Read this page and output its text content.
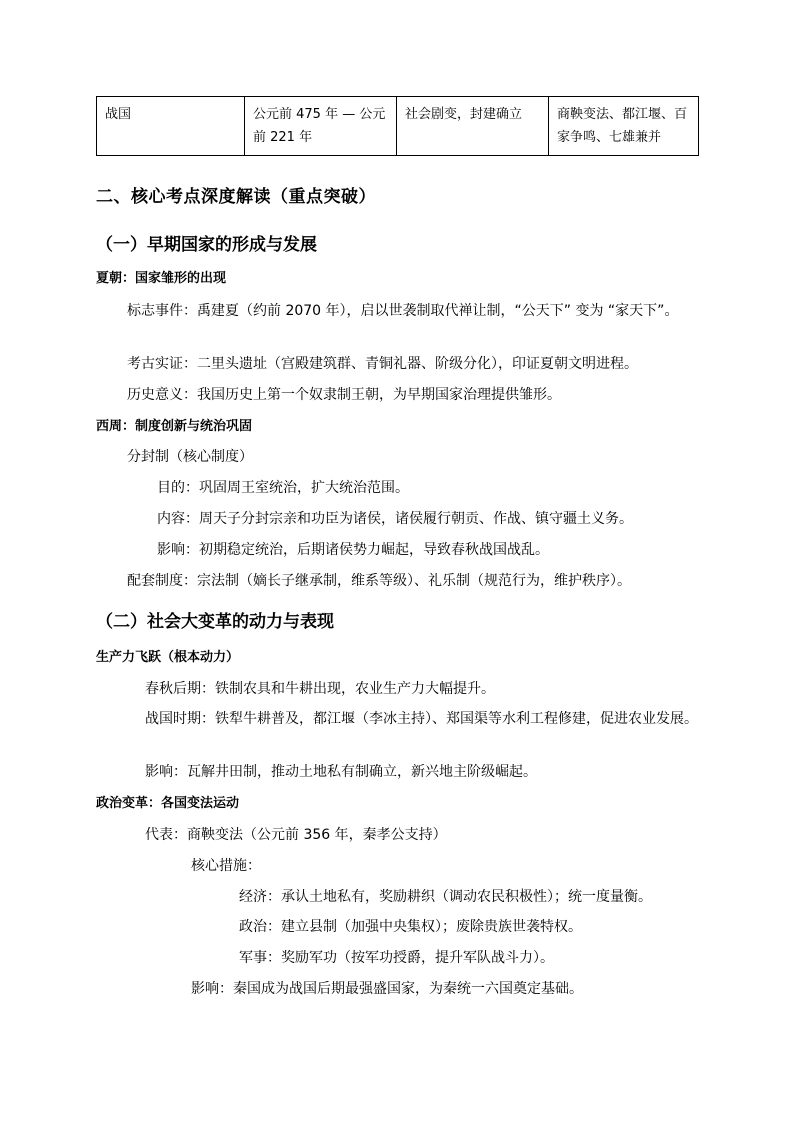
战国	公元前 475 年 — 公元前 221 年	社会剧变，封建确立	商鞅变法、都江堰、百家争鸣、七雄兼并
二、核心考点深度解读（重点突破）
（一）早期国家的形成与发展
夏朝：国家雏形的出现
标志事件：禹建夏（约前 2070 年），启以世袭制取代禅让制，“公天下” 变为 “家天下”。
考古实证：二里头遗址（宫殿建筑群、青铜礼器、阶级分化），印证夏朝文明进程。
历史意义：我国历史上第一个奴隶制王朝，为早期国家治理提供雏形。
西周：制度创新与统治巩固
分封制（核心制度）
目的：巩固周王室统治，扩大统治范围。
内容：周天子分封宗亲和功臣为诸侯，诸侯履行朝贡、作战、镇守疆土义务。
影响：初期稳定统治，后期诸侯势力崛起，导致春秋战国战乱。
配套制度：宗法制（嫡长子继承制，维系等级）、礼乐制（规范行为，维护秩序）。
（二）社会大变革的动力与表现
生产力飞跃（根本动力）
春秋后期：铁制农具和牛耕出现，农业生产力大幅提升。
战国时期：铁犁牛耕普及，都江堰（李冰主持）、郑国渠等水利工程修建，促进农业发展。
影响：瓦解井田制，推动土地私有制确立，新兴地主阶级崛起。
政治变革：各国变法运动
代表：商鞅变法（公元前 356 年，秦孝公支持）
核心措施：
经济：承认土地私有，奖励耕织（调动农民积极性）；统一度量衡。
政治：建立县制（加强中央集权）；废除贵族世袭特权。
军事：奖励军功（按军功授爵，提升军队战斗力）。
影响：秦国成为战国后期最强盛国家，为秦统一六国奠定基础。
